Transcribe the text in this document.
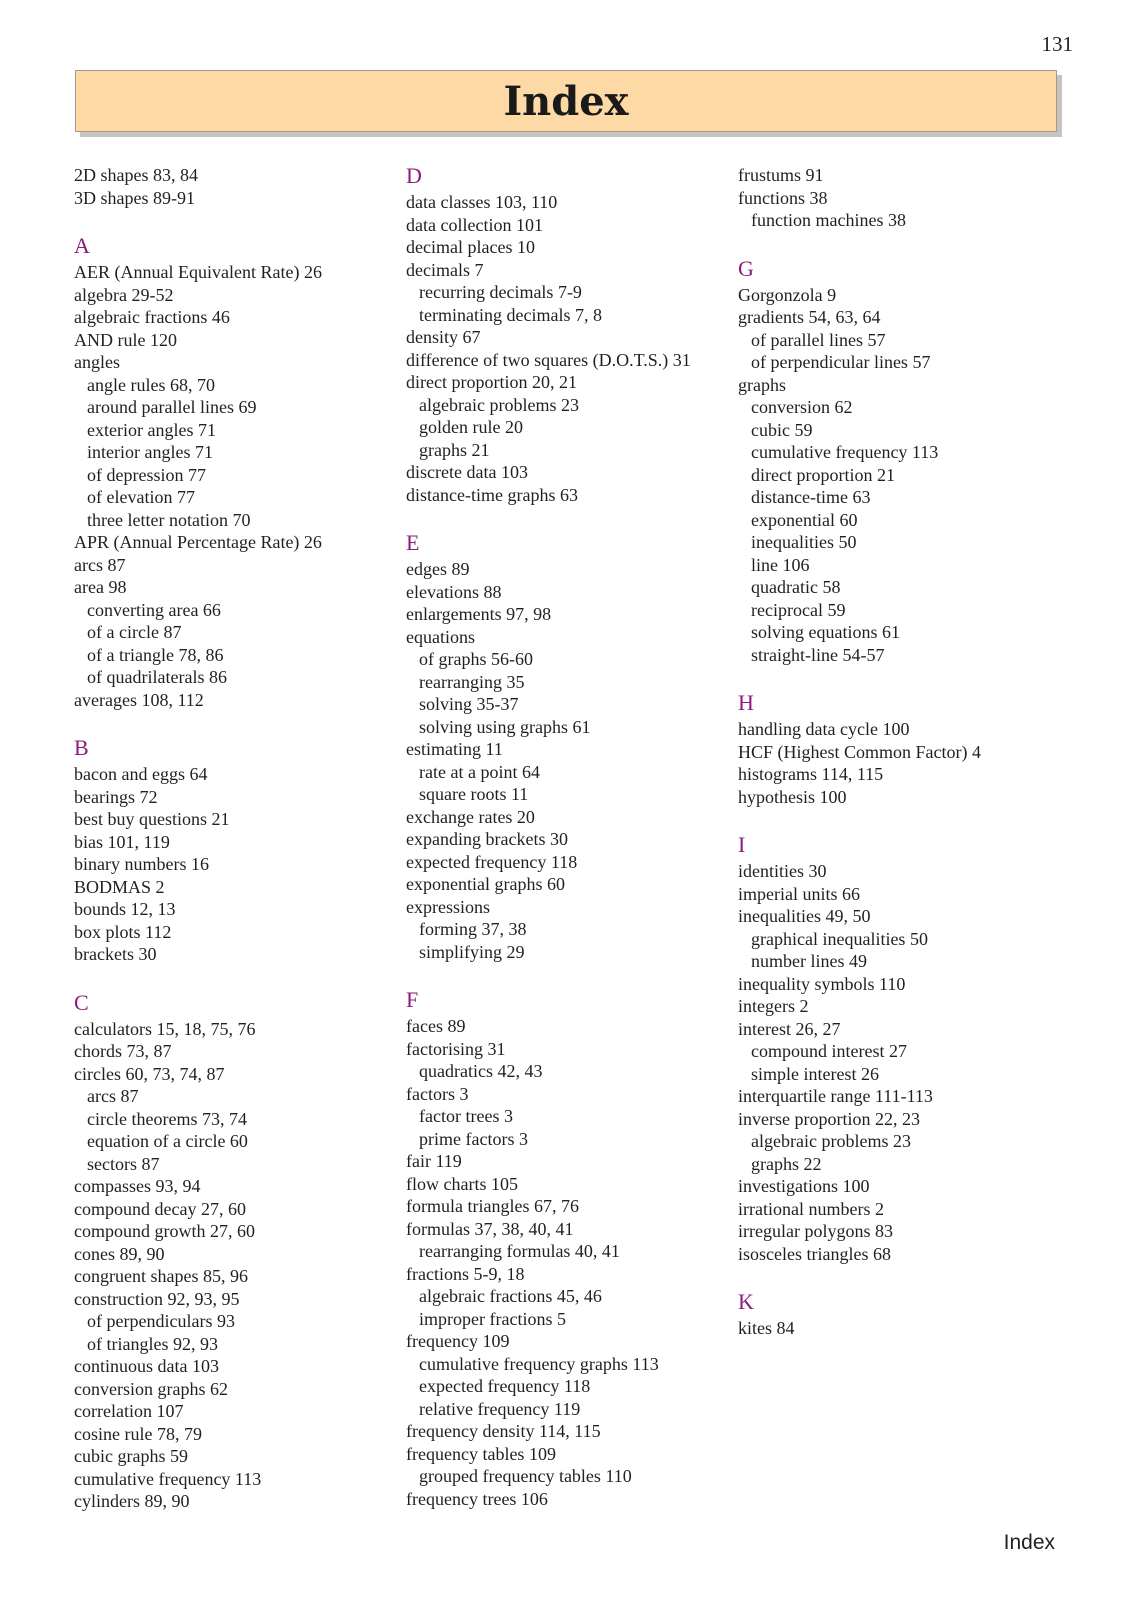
131
Index
2D shapes 83, 84
3D shapes 89-91
A
AER (Annual Equivalent Rate) 26
algebra 29-52
algebraic fractions 46
AND rule 120
angles
angle rules 68, 70
around parallel lines 69
exterior angles 71
interior angles 71
of depression 77
of elevation 77
three letter notation 70
APR (Annual Percentage Rate) 26
arcs 87
area 98
converting area 66
of a circle 87
of a triangle 78, 86
of quadrilaterals 86
averages 108, 112
B
bacon and eggs 64
bearings 72
best buy questions 21
bias 101, 119
binary numbers 16
BODMAS 2
bounds 12, 13
box plots 112
brackets 30
C
calculators 15, 18, 75, 76
chords 73, 87
circles 60, 73, 74, 87
arcs 87
circle theorems 73, 74
equation of a circle 60
sectors 87
compasses 93, 94
compound decay 27, 60
compound growth 27, 60
cones 89, 90
congruent shapes 85, 96
construction 92, 93, 95
of perpendiculars 93
of triangles 92, 93
continuous data 103
conversion graphs 62
correlation 107
cosine rule 78, 79
cubic graphs 59
cumulative frequency 113
cylinders 89, 90
D
data classes 103, 110
data collection 101
decimal places 10
decimals 7
recurring decimals 7-9
terminating decimals 7, 8
density 67
difference of two squares (D.O.T.S.) 31
direct proportion 20, 21
algebraic problems 23
golden rule 20
graphs 21
discrete data 103
distance-time graphs 63
E
edges 89
elevations 88
enlargements 97, 98
equations
of graphs 56-60
rearranging 35
solving 35-37
solving using graphs 61
estimating 11
rate at a point 64
square roots 11
exchange rates 20
expanding brackets 30
expected frequency 118
exponential graphs 60
expressions
forming 37, 38
simplifying 29
F
faces 89
factorising 31
quadratics 42, 43
factors 3
factor trees 3
prime factors 3
fair 119
flow charts 105
formula triangles 67, 76
formulas 37, 38, 40, 41
rearranging formulas 40, 41
fractions 5-9, 18
algebraic fractions 45, 46
improper fractions 5
frequency 109
cumulative frequency graphs 113
expected frequency 118
relative frequency 119
frequency density 114, 115
frequency tables 109
grouped frequency tables 110
frequency trees 106
frustums 91
functions 38
function machines 38
G
Gorgonzola 9
gradients 54, 63, 64
of parallel lines 57
of perpendicular lines 57
graphs
conversion 62
cubic 59
cumulative frequency 113
direct proportion 21
distance-time 63
exponential 60
inequalities 50
line 106
quadratic 58
reciprocal 59
solving equations 61
straight-line 54-57
H
handling data cycle 100
HCF (Highest Common Factor) 4
histograms 114, 115
hypothesis 100
I
identities 30
imperial units 66
inequalities 49, 50
graphical inequalities 50
number lines 49
inequality symbols 110
integers 2
interest 26, 27
compound interest 27
simple interest 26
interquartile range 111-113
inverse proportion 22, 23
algebraic problems 23
graphs 22
investigations 100
irrational numbers 2
irregular polygons 83
isosceles triangles 68
K
kites 84
Index
